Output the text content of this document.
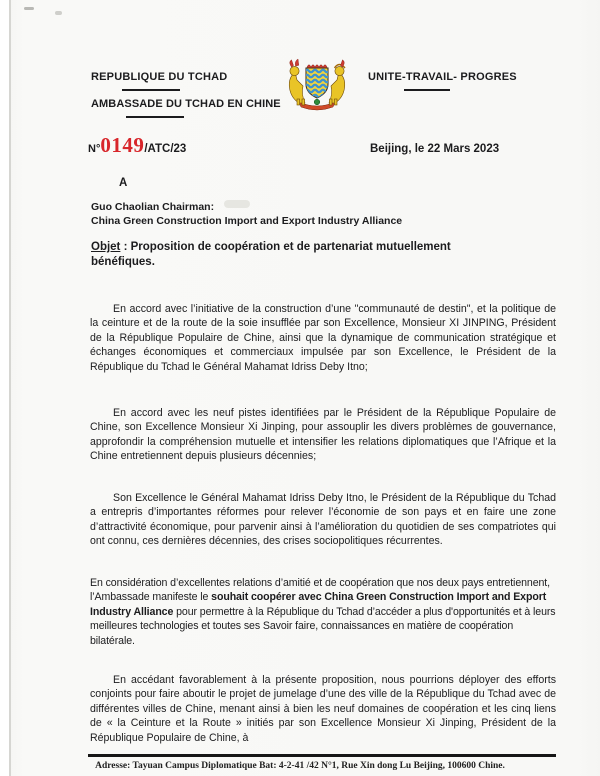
REPUBLIQUE DU TCHAD
AMBASSADE DU TCHAD EN CHINE
UNITE-TRAVAIL- PROGRES
N°0149/ATC/23	Beijing, le 22 Mars 2023
A
Guo Chaolian Chairman:
China Green Construction Import and Export Industry Alliance
Objet : Proposition de coopération et de partenariat mutuellement bénéfiques.
En accord avec l’initiative de la construction d’une "communauté de destin", et la politique de la ceinture et de la route de la soie insufflée par son Excellence, Monsieur XI JINPING, Président de la République Populaire de Chine, ainsi que la dynamique de communication stratégique et échanges économiques et commerciaux impulsée par son Excellence, le Président de la République du Tchad le Général Mahamat Idriss Deby Itno;
En accord avec les neuf pistes identifiées par le Président de la République Populaire de Chine, son Excellence Monsieur Xi Jinping, pour assouplir les divers problèmes de gouvernance, approfondir la compréhension mutuelle et intensifier les relations diplomatiques que l’Afrique et la Chine entretiennent depuis plusieurs décennies;
Son Excellence le Général Mahamat Idriss Deby Itno, le Président de la République du Tchad a entrepris d’importantes réformes pour relever l’économie de son pays et en faire une zone d’attractivité économique, pour parvenir ainsi à l’amélioration du quotidien de ses compatriotes qui ont connu, ces dernières décennies, des crises sociopolitiques récurrentes.
En considération d’excellentes relations d’amitié et de coopération que nos deux pays entretiennent, l’Ambassade manifeste le souhait coopérer avec China Green Construction Import and Export Industry Alliance pour permettre à la République du Tchad d’accéder a plus d'opportunités et à leurs meilleures technologies et toutes ses Savoir faire, connaissances en matière de coopération bilatérale.
En accédant favorablement à la présente proposition, nous pourrions déployer des efforts conjoints pour faire aboutir le projet de jumelage d’une des ville de la République du Tchad avec de différentes villes de Chine, menant ainsi à bien les neuf domaines de coopération et les cinq liens de « la Ceinture et la Route » initiés par son Excellence Monsieur Xi Jinping, Président de la République Populaire de Chine, à
Adresse: Tayuan Campus Diplomatique Bat: 4-2-41 /42 N°1, Rue Xin dong Lu Beijing, 100600 Chine.
